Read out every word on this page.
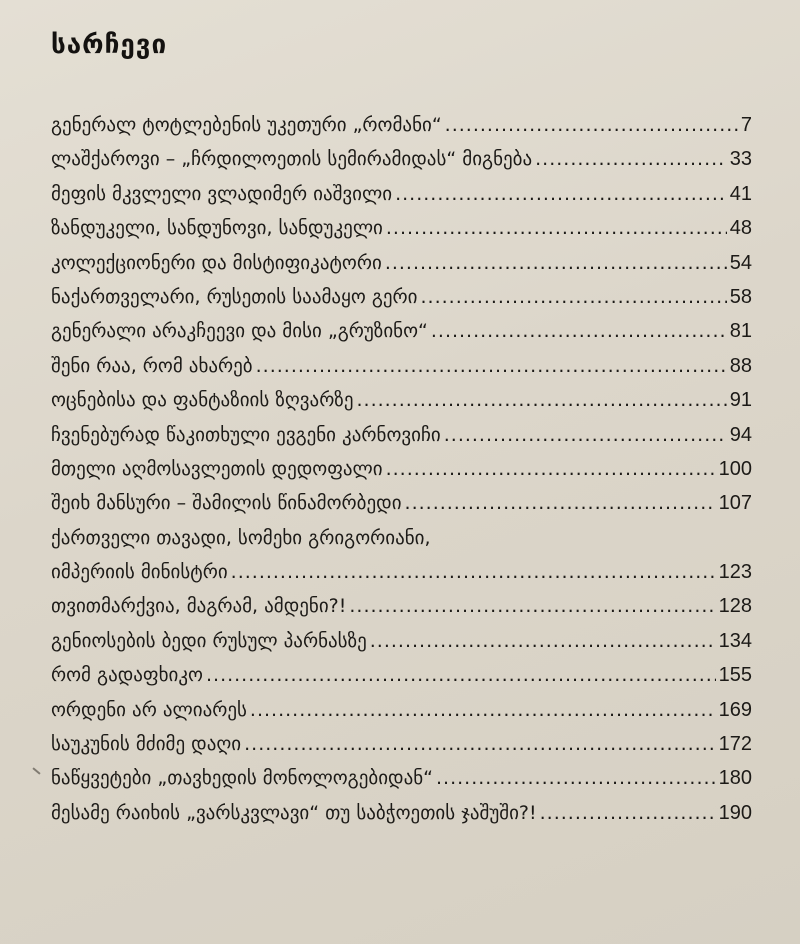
სარჩევი
გენერალ ტოტლებენის უკეთური „რომანი“ .....	7
ლაშქაროვი – „ჩრდილოეთის სემირამიდას“ მიგნება .....	33
მეფის მკვლელი ვლადიმერ იაშვილი .....	41
ზანდუკელი, სანდუნოვი, სანდუკელი .....	48
კოლექციონერი და მისტიფიკატორი .....	54
ნაქართველარი, რუსეთის საამაყო გერი .....	58
გენერალი არაკჩეევი და მისი „გრუზინო“ .....	81
შენი რაა, რომ ახარებ .....	88
ოცნებისა და ფანტაზიის ზღვარზე .....	91
ჩვენებურად წაკითხული ევგენი კარნოვიჩი .....	94
მთელი აღმოსავლეთის დედოფალი .....	100
შეიხ მანსური – შამილის წინამორბედი .....	107
ქართველი თავადი, სომეხი გრიგორიანი,
იმპერიის მინისტრი .....	123
თვითმარქვია, მაგრამ, ამდენი?! .....	128
გენიოსების ბედი რუსულ პარნასზე .....	134
რომ გადაფხიკო .....	155
ორდენი არ ალიარეს .....	169
საუკუნის მძიმე დაღი .....	172
ნაწყვეტები „თავხედის მონოლოგებიდან“ .....	180
მესამე რაიხის „ვარსკვლავი“ თუ საბჭოეთის ჯაშუში?! .....	190
